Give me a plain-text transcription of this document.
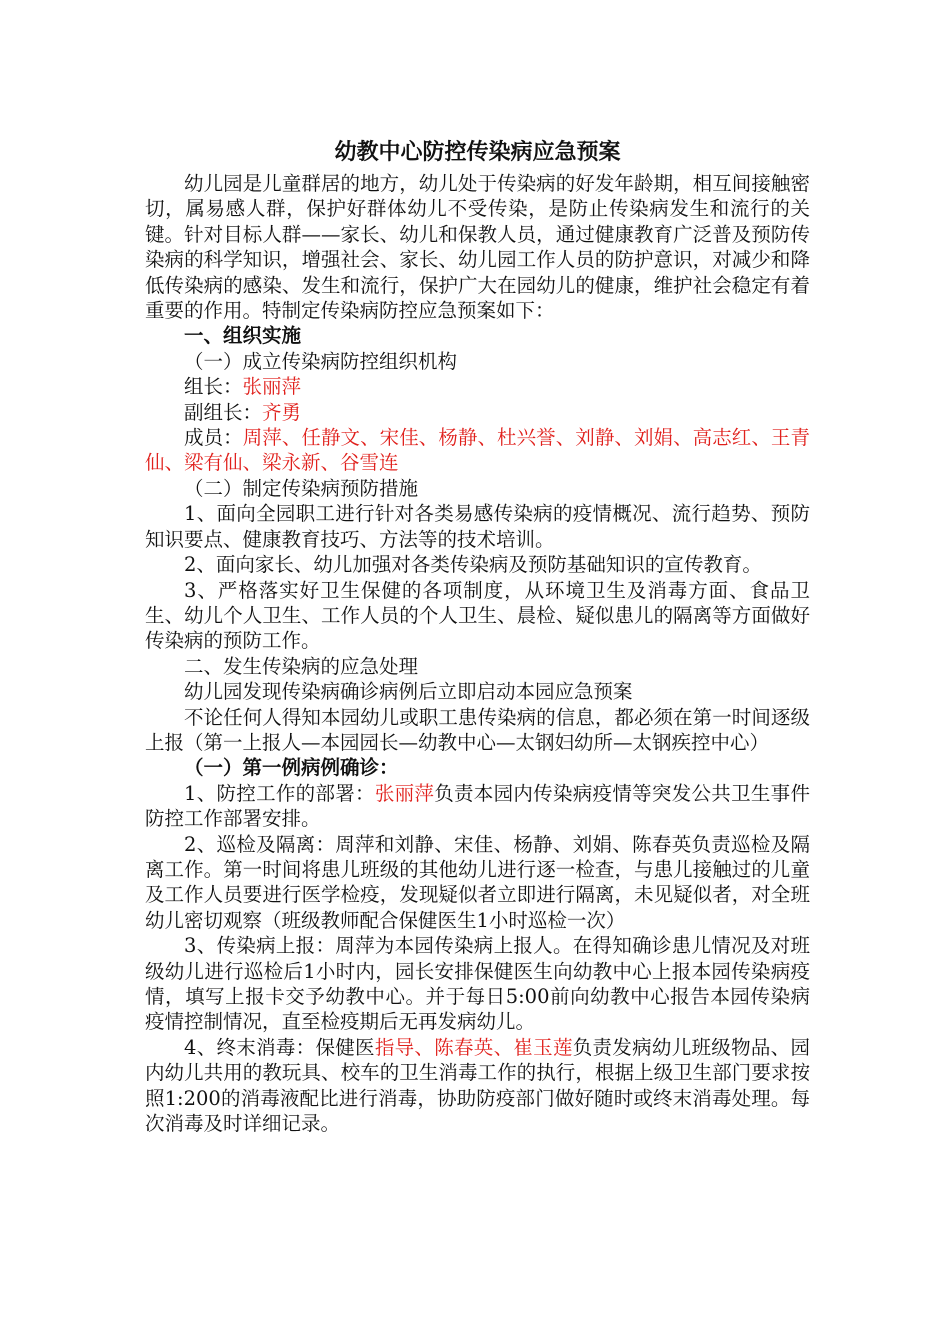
幼教中心防控传染病应急预案

幼儿园是儿童群居的地方，幼儿处于传染病的好发年龄期，相互间接触密切，属易感人群，保护好群体幼儿不受传染，是防止传染病发生和流行的关键。针对目标人群——家长、幼儿和保教人员，通过健康教育广泛普及预防传染病的科学知识，增强社会、家长、幼儿园工作人员的防护意识，对减少和降低传染病的感染、发生和流行，保护广大在园幼儿的健康，维护社会稳定有着重要的作用。特制定传染病防控应急预案如下：

一、组织实施

（一）成立传染病防控组织机构

组长：张丽萍

副组长：齐勇

成员：周萍、任静文、宋佳、杨静、杜兴誉、刘静、刘娟、高志红、王青仙、梁有仙、梁永新、谷雪连

（二）制定传染病预防措施

1、面向全园职工进行针对各类易感传染病的疫情概况、流行趋势、预防知识要点、健康教育技巧、方法等的技术培训。

2、面向家长、幼儿加强对各类传染病及预防基础知识的宣传教育。

3、严格落实好卫生保健的各项制度，从环境卫生及消毒方面、食品卫生、幼儿个人卫生、工作人员的个人卫生、晨检、疑似患儿的隔离等方面做好传染病的预防工作。

二、发生传染病的应急处理

幼儿园发现传染病确诊病例后立即启动本园应急预案

不论任何人得知本园幼儿或职工患传染病的信息，都必须在第一时间逐级上报（第一上报人—本园园长—幼教中心—太钢妇幼所—太钢疾控中心）

（一）第一例病例确诊：

1、防控工作的部署：张丽萍负责本园内传染病疫情等突发公共卫生事件防控工作部署安排。

2、巡检及隔离：周萍和刘静、宋佳、杨静、刘娟、陈春英负责巡检及隔离工作。第一时间将患儿班级的其他幼儿进行逐一检查，与患儿接触过的儿童及工作人员要进行医学检疫，发现疑似者立即进行隔离，未见疑似者，对全班幼儿密切观察（班级教师配合保健医生1小时巡检一次）

3、传染病上报：周萍为本园传染病上报人。在得知确诊患儿情况及对班级幼儿进行巡检后1小时内，园长安排保健医生向幼教中心上报本园传染病疫情，填写上报卡交予幼教中心。并于每日5:00前向幼教中心报告本园传染病疫情控制情况，直至检疫期后无再发病幼儿。

4、终末消毒：保健医指导、陈春英、崔玉莲负责发病幼儿班级物品、园内幼儿共用的教玩具、校车的卫生消毒工作的执行，根据上级卫生部门要求按照1:200的消毒液配比进行消毒，协助防疫部门做好随时或终末消毒处理。每次消毒及时详细记录。
